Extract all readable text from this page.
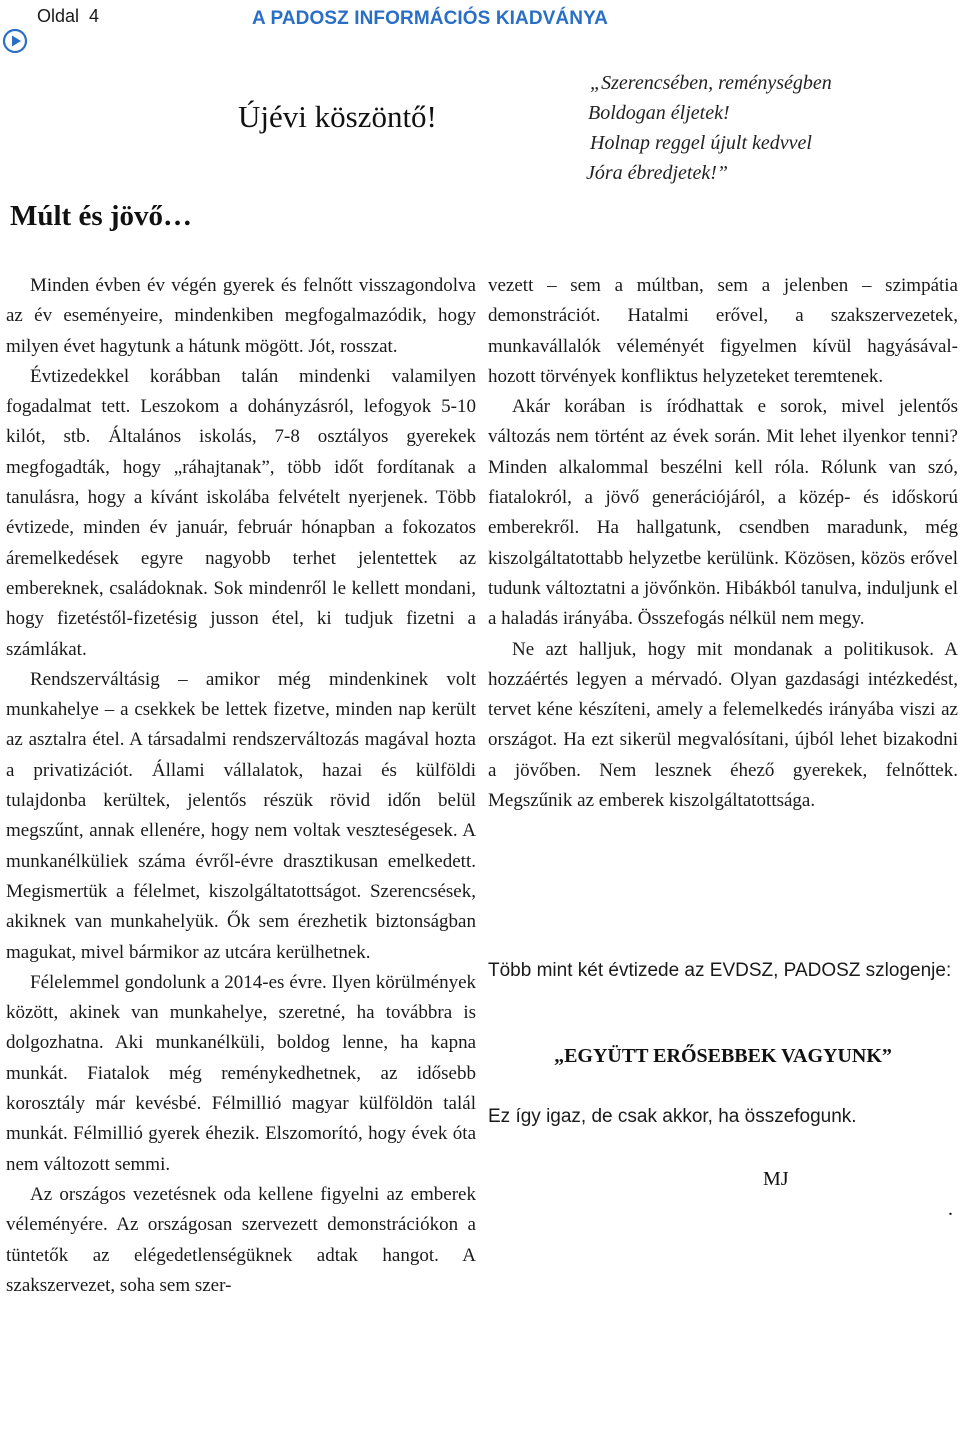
Oldal 4	A PADOSZ INFORMÁCIÓS KIADVÁNYA
Újévi köszöntő!
Múlt és jövő…
„Szerencsében, reménységben
Boldogan éljetek!
Holnap reggel újult kedvvel
Jóra ébredjetek!”

Minden évben év végén gyerek és felnőtt visszagondolva az év eseményeire, mindenkiben megfogalmazódik, hogy milyen évet hagytunk a hátunk mögött. Jót, rosszat.

Évtizedekkel korábban talán mindenki valamilyen fogadalmat tett. Leszokom a dohányzásról, lefogyok 5-10 kilót, stb. Általános iskolás, 7-8 osztályos gyerekek megfogadták, hogy „ráhajtanak”, több időt fordítanak a tanulásra, hogy a kívánt iskolába felvételt nyerjenek. Több évtizede, minden év január, február hónapban a fokozatos áremelkedések egyre nagyobb terhet jelentettek az embereknek, családoknak. Sok mindenről le kellett mondani, hogy fizetéstől-fizetésig jusson étel, ki tudjuk fizetni a számlákat.

Rendszerváltásig – amikor még mindenkinek volt munkahelye – a csekkek be lettek fizetve, minden nap került az asztalra étel. A társadalmi rendszerváltozás magával hozta a privatizációt. Állami vállalatok, hazai és külföldi tulajdonba kerültek, jelentős részük rövid időn belül megszűnt, annak ellenére, hogy nem voltak veszteségesek. A munkanélküliek száma évről-évre drasztikusan emelkedett. Megismertük a félelmet, kiszolgáltatottságot. Szerencsések, akiknek van munkahelyük. Ők sem érezhetik biztonságban magukat, mivel bármikor az utcára kerülhetnek.

Félelemmel gondolunk a 2014-es évre. Ilyen körülmények között, akinek van munkahelye, szeretné, ha továbbra is dolgozhatna. Aki munkanélküli, boldog lenne, ha kapna munkát. Fiatalok még reménykedhetnek, az idősebb korosztály már kevésbé. Félmillió magyar külföldön talál munkát. Félmillió gyerek éhezik. Elszomorító, hogy évek óta nem változott semmi.

Az országos vezetésnek oda kellene figyelni az emberek véleményére. Az országosan szervezett demonstrációkon a tüntetők az elégedetlenségüknek adtak hangot. A szakszervezet, soha sem szer-

vezett – sem a múltban, sem a jelenben – szimpátia demonstrációt. Hatalmi erővel, a szakszervezetek, munkavállalók véleményét figyelmen kívül hagyásával- hozott törvények konfliktus helyzeteket teremtenek.

Akár korában is íródhattak e sorok, mivel jelentős változás nem történt az évek során. Mit lehet ilyenkor tenni? Minden alkalommal beszélni kell róla. Rólunk van szó, fiatalokról, a jövő generációjáról, a közép- és időskorú emberekről. Ha hallgatunk, csendben maradunk, még kiszolgáltatottabb helyzetbe kerülünk. Közösen, közös erővel tudunk változtatni a jövőnkön. Hibákból tanulva, induljunk el a haladás irányába. Összefogás nélkül nem megy.

Ne azt halljuk, hogy mit mondanak a politikusok. A hozzáértés legyen a mérvadó. Olyan gazdasági intézkedést, tervet kéne készíteni, amely a felemelkedés irányába viszi az országot. Ha ezt sikerül megvalósítani, újból lehet bizakodni a jövőben. Nem lesznek éhező gyerekek, felnőttek. Megszűnik az emberek kiszolgáltatottsága.

Több mint két évtizede az EVDSZ, PADOSZ szlogenje:
„EGYÜTT ERŐSEBBEK VAGYUNK”
Ez így igaz, de csak akkor, ha összefogunk.
MJ
.
